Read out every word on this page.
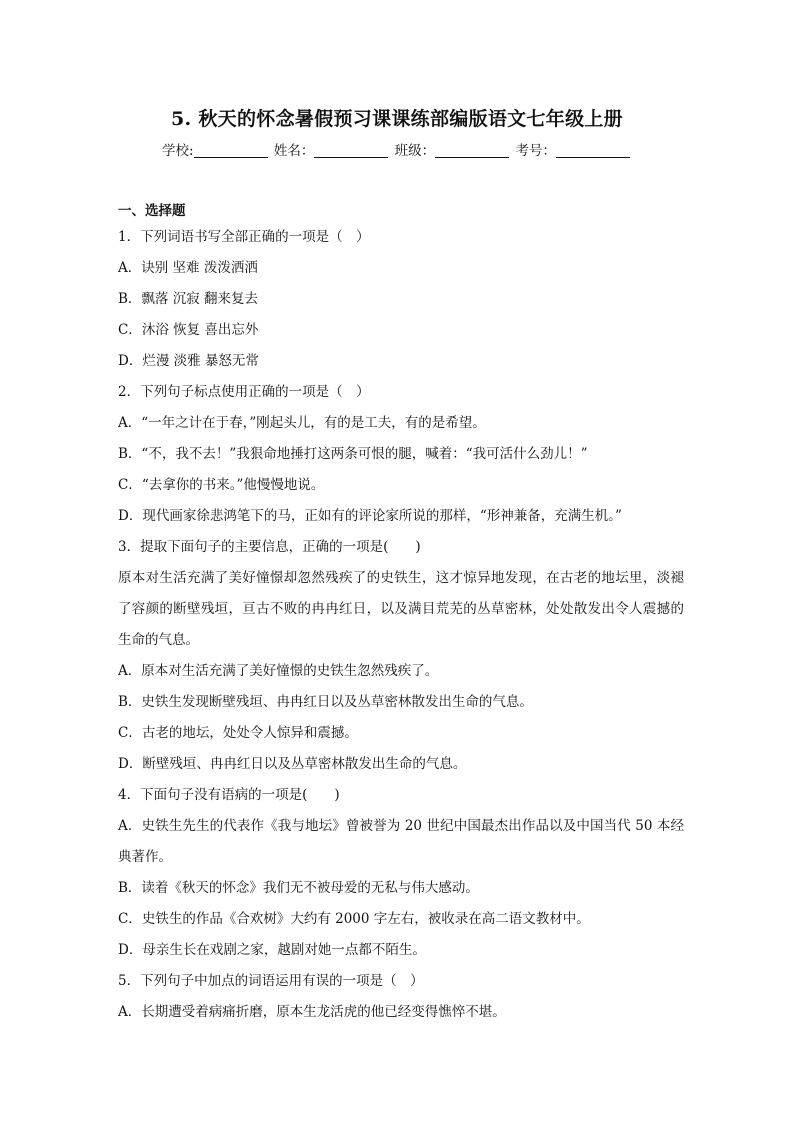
5. 秋天的怀念暑假预习课课练部编版语文七年级上册
学校:	姓名：	班级：	考号：
一、选择题
1．下列词语书写全部正确的一项是（　）
A．诀别 坚难 泼泼洒洒
B．飘落 沉寂 翻来复去
C．沐浴 恢复 喜出忘外
D．烂漫 淡雅 暴怒无常
2．下列句子标点使用正确的一项是（　）
A．“一年之计在于春，”刚起头儿，有的是工夫，有的是希望。
B．“不，我不去！”我狠命地捶打这两条可恨的腿，喊着：“我可活什么劲儿！”
C．“去拿你的书来。”他慢慢地说。
D．现代画家徐悲鸿笔下的马，正如有的评论家所说的那样，“形神兼备，充满生机。”
3．提取下面句子的主要信息，正确的一项是(　　)
原本对生活充满了美好憧憬却忽然残疾了的史铁生，这才惊异地发现，在古老的地坛里，淡褪了容颜的断壁残垣，亘古不败的冉冉红日，以及满目荒芜的丛草密林，处处散发出令人震撼的生命的气息。
A．原本对生活充满了美好憧憬的史铁生忽然残疾了。
B．史铁生发现断壁残垣、冉冉红日以及丛草密林散发出生命的气息。
C．古老的地坛，处处令人惊异和震撼。
D．断壁残垣、冉冉红日以及丛草密林散发出生命的气息。
4．下面句子没有语病的一项是(　　)
A．史铁生先生的代表作《我与地坛》曾被誉为 20 世纪中国最杰出作品以及中国当代 50 本经典著作。
B．读着《秋天的怀念》我们无不被母爱的无私与伟大感动。
C．史铁生的作品《合欢树》大约有 2000 字左右，被收录在高二语文教材中。
D．母亲生长在戏剧之家，越剧对她一点都不陌生。
5．下列句子中加点的词语运用有误的一项是（　）
A．长期遭受着病痛折磨，原本生龙活虎的他已经变得憔悴不堪。
